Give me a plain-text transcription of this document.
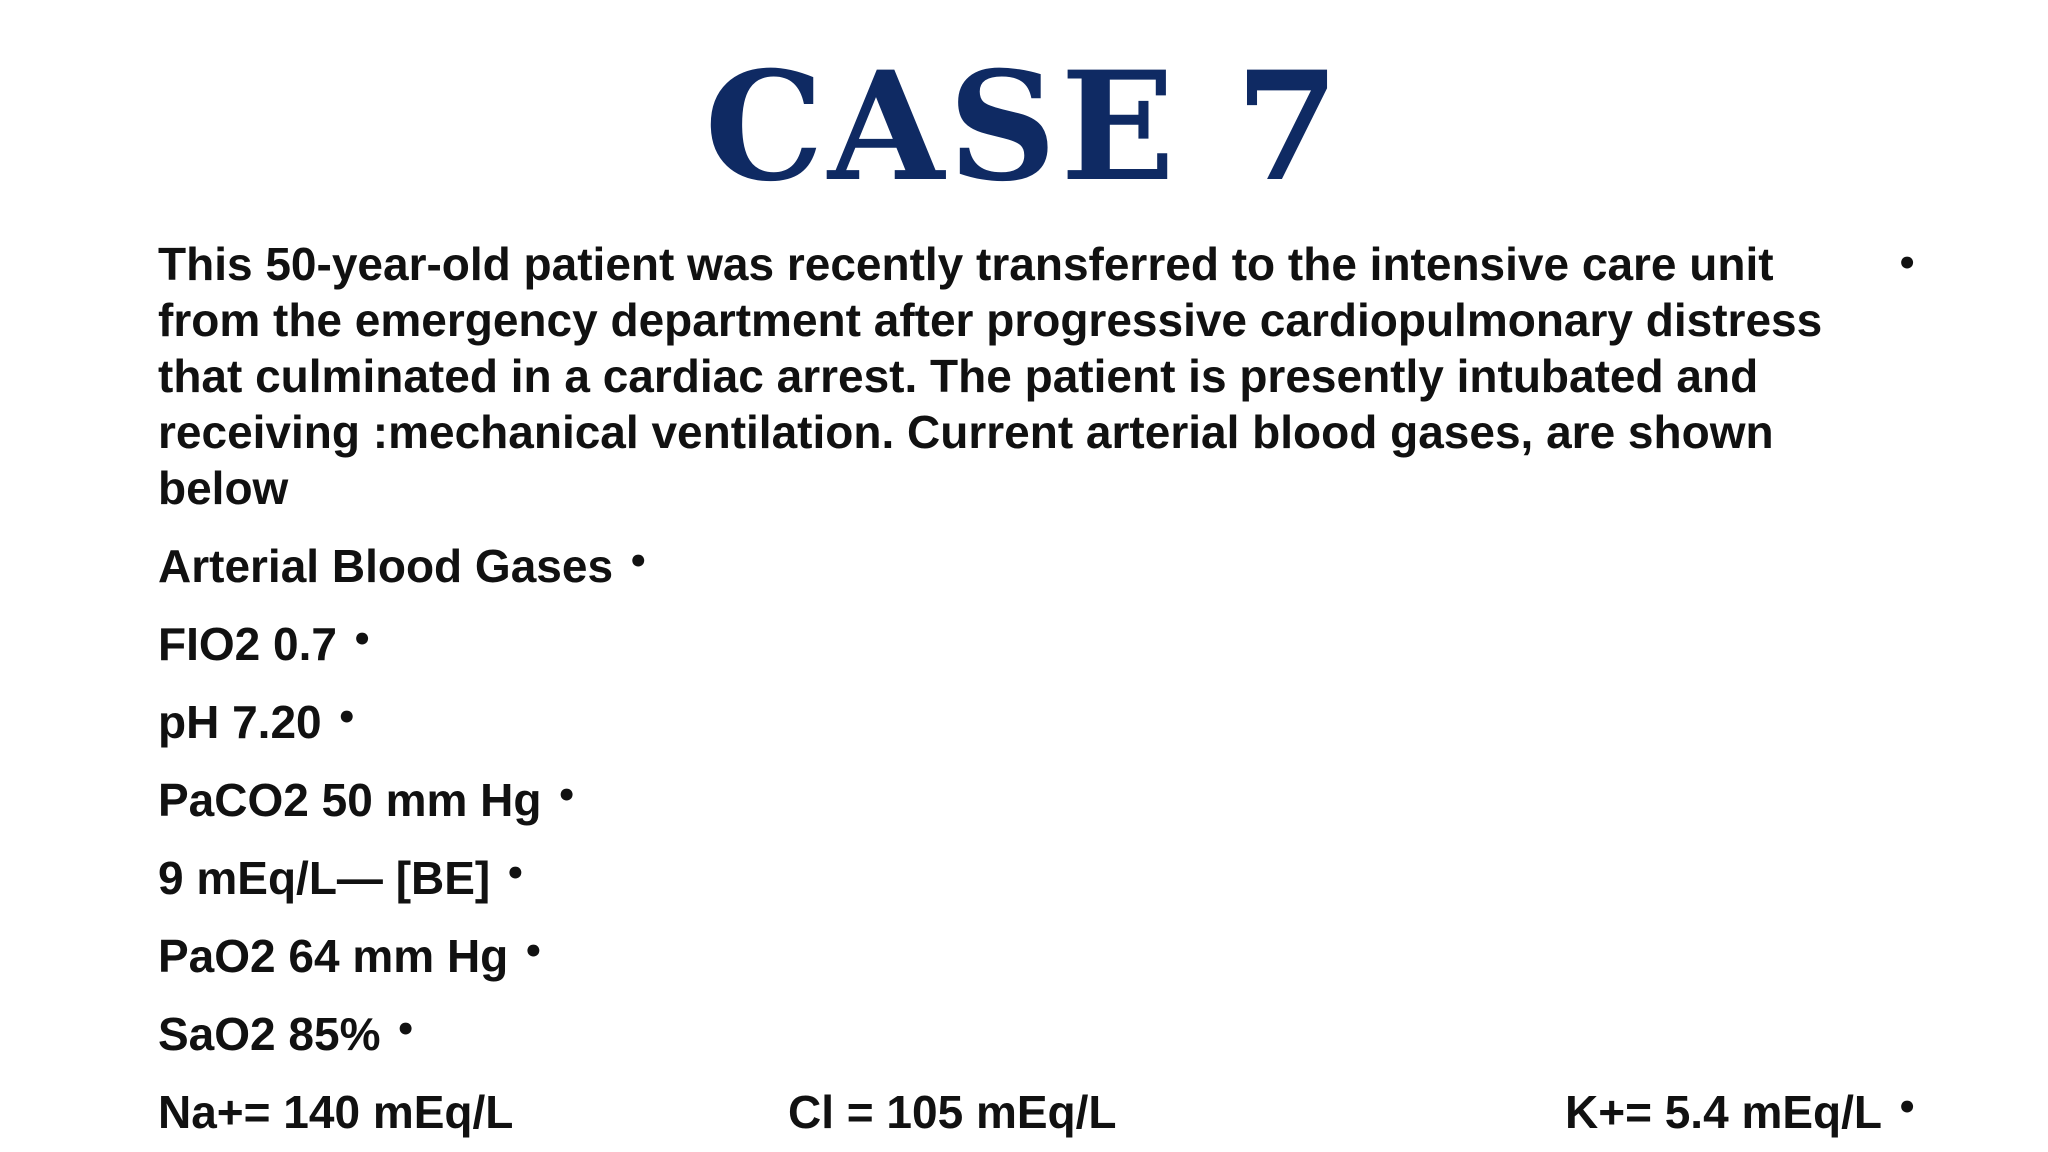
CASE 7
This 50-year-old patient was recently transferred to the intensive care unit from the emergency department after progressive cardiopulmonary distress that culminated in a cardiac arrest. The patient is presently intubated and receiving :mechanical ventilation. Current arterial blood gases, are shown below
•
Arterial Blood Gases •
FIO2 0.7 •
pH 7.20 •
PaCO2 50 mm Hg •
9 mEq/L— [BE] •
PaO2 64 mm Hg •
SaO2 85% •
Na+= 140 mEq/L	Cl = 105 mEq/L	K+= 5.4 mEq/L •
